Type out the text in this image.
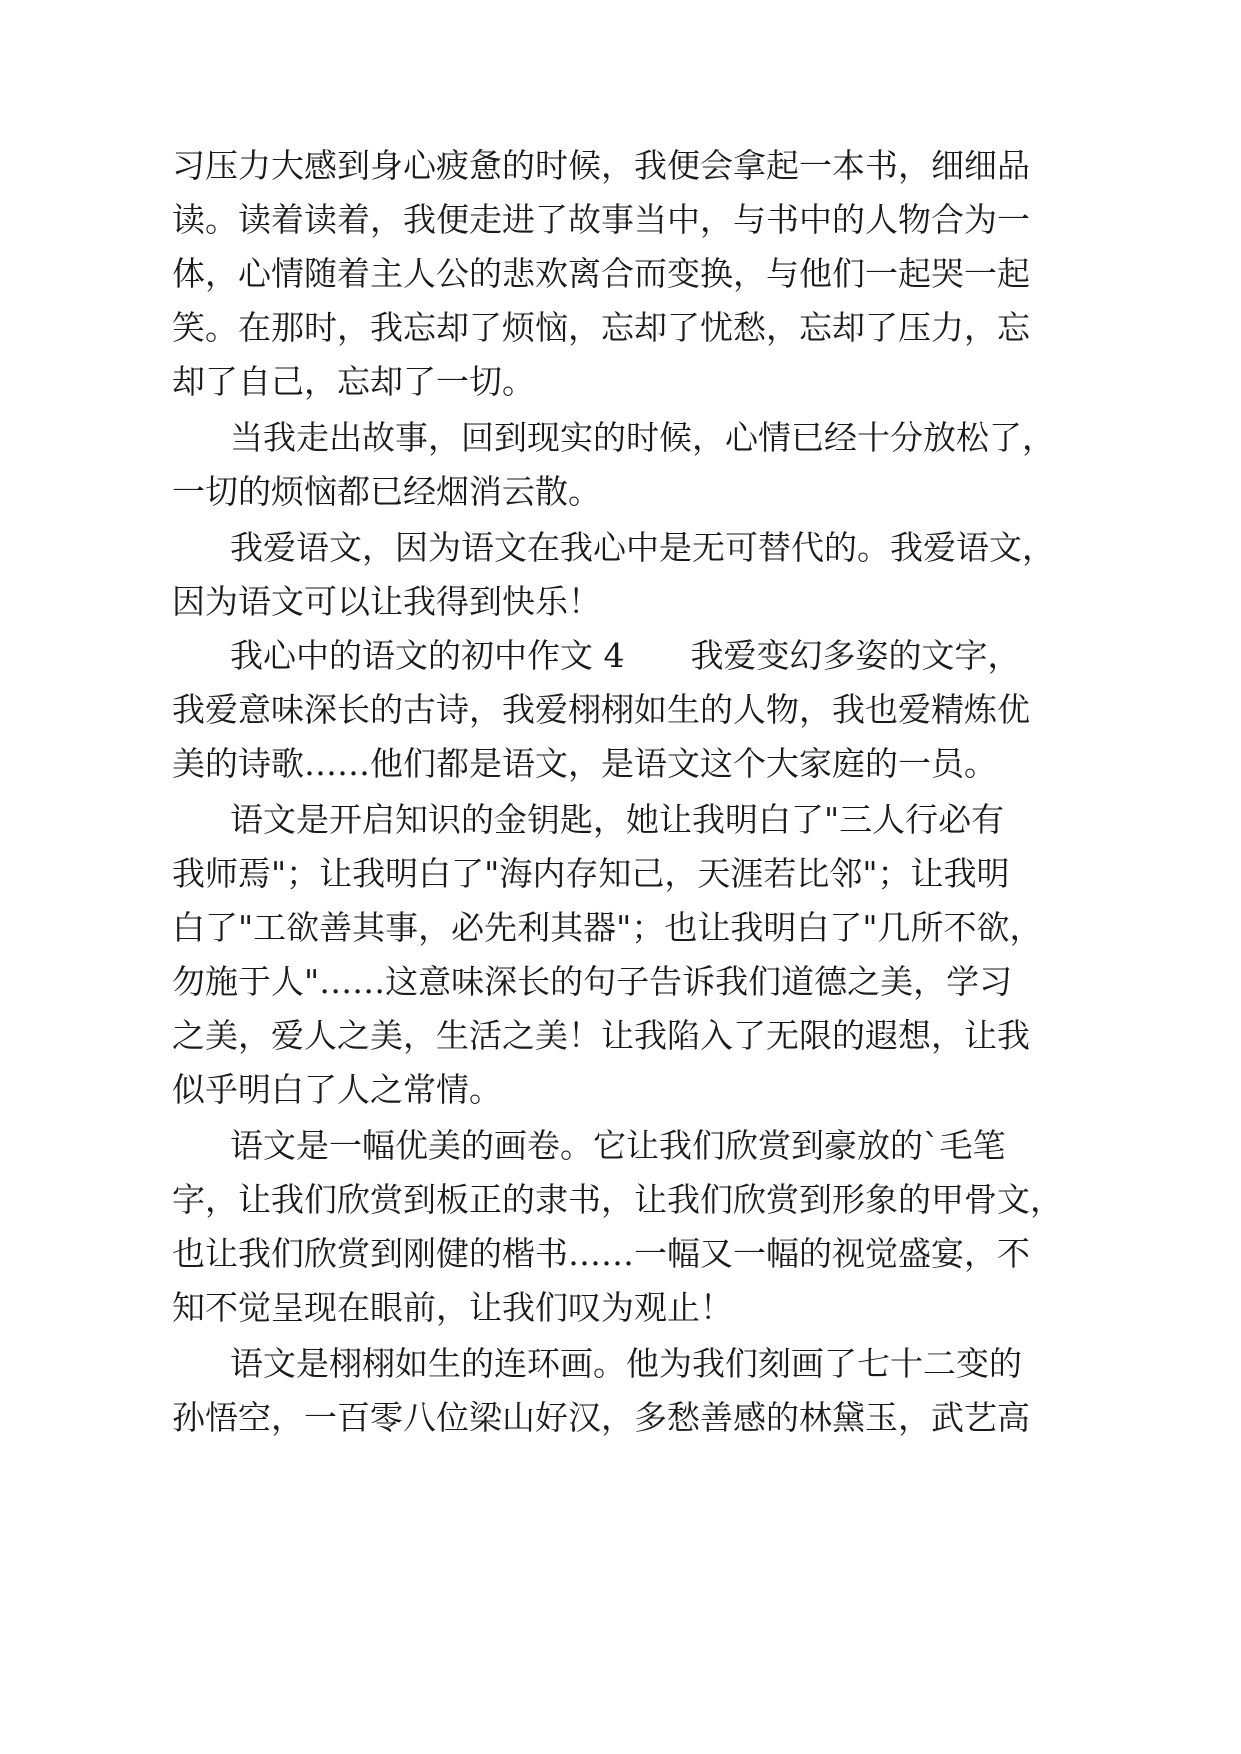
习压力大感到身心疲惫的时候，我便会拿起一本书，细细品
读。读着读着，我便走进了故事当中，与书中的人物合为一
体，心情随着主人公的悲欢离合而变换，与他们一起哭一起
笑。在那时，我忘却了烦恼，忘却了忧愁，忘却了压力，忘
却了自己，忘却了一切。
当我走出故事，回到现实的时候，心情已经十分放松了，
一切的烦恼都已经烟消云散。
我爱语文，因为语文在我心中是无可替代的。我爱语文，
因为语文可以让我得到快乐！
我心中的语文的初中作文 4　　我爱变幻多姿的文字，
我爱意味深长的古诗，我爱栩栩如生的人物，我也爱精炼优
美的诗歌……他们都是语文，是语文这个大家庭的一员。
语文是开启知识的金钥匙，她让我明白了"三人行必有
我师焉"；让我明白了"海内存知己，天涯若比邻"；让我明
白了"工欲善其事，必先利其器"；也让我明白了"几所不欲，
勿施于人"……这意味深长的句子告诉我们道德之美，学习
之美，爱人之美，生活之美！让我陷入了无限的遐想，让我
似乎明白了人之常情。
语文是一幅优美的画卷。它让我们欣赏到豪放的`毛笔
字，让我们欣赏到板正的隶书，让我们欣赏到形象的甲骨文，
也让我们欣赏到刚健的楷书……一幅又一幅的视觉盛宴，不
知不觉呈现在眼前，让我们叹为观止！
语文是栩栩如生的连环画。他为我们刻画了七十二变的
孙悟空，一百零八位梁山好汉，多愁善感的林黛玉，武艺高
